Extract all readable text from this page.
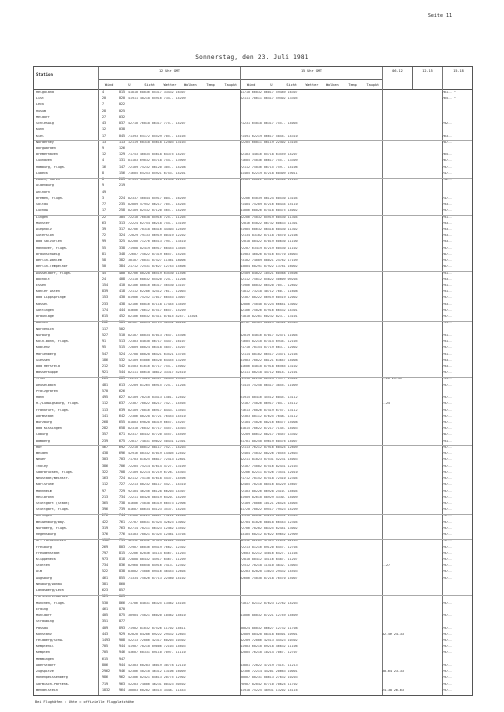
Seite 11
Sonnerstag, den 23. Juli 1981
Station
12 Uhr GMT
Wind	U	Sicht	Wetter	Wolken	Temp	Taupkt
15 Uhr GMT
Wind	U	Sicht	Wetter	Wolken	Temp	Taupkt
06-12	12-15	15-18
Helgoland	4	015 41810 68036 05317 33432 16307	41710 66032 06017 59489 16307	761-- ~
List	20	020 41911 48218 05916 734-- 14209	52111 70611 06417 59402 13305	765-- ~
Leck	7	022
Husum	28	025
Meldorf	27	032
Schleswig	43	037 42710 76018 06317 775-- 14207	71231 65018 06317 755-- 14005	792--
Kuhn	12	038
Kiel	17	045 71393 65172 05529 705-- 14105	71491 62219 06617 5854- 14310	763--
Norderney	13	113 12119 60318 05618 12403 13103	22205 60011 06119 22402 13105	787--
Borgwarden	9	126
Bremerhaven	12	129 71753 46035 05618 64375 14207	62103 44016 05718 63559 14207	765--
Cuxhaven	4	131 81103 69032 05718 754-- 13909	71605 75036 06617 755-- 13309	767--
Hamburg, Flugh.	16	147 72109 75232 06120 305-- 14208	72112 75036 06715 759-- 14106	797--
Lübeck	8	156 71605 65253 05921 6753- 14201	41405 62219 07218 60409 19011	747--
Emden, Hafen	0	203 37339 45811 05018 22430 12109	41909 60022 05320 60500 11103	792--
Oldenburg	9	219
Ahlhorn	49
Bremen, Flugh.	3	224 82337 56044 05917 004-- 16209	72206 65039 06124 60530 13104	747--
Soltau	77	235 82009 57952 06217 705-- 14205	71404 75209 07216 60434 15110	793--
Lüchow	17	258 82109 82532 07120 565-- 14209	41006 68026 07418 60475 14002	797--
Lingen	22	305 72210 76038 05916 725-- 11205	62206 75032 05919 60530 11304	791--
Münster	63	313 72224 62754 06218 754-- 13109	72016 65022 06732 60633 11301	793--
Diepholz	39	317 82706 70318 06416 44403 12409	61905 60632 06418 60430 11302	793--
Gütersloh	72	324 72029 79133 06919 00319 12202	72134 83102 07118 78570 12108	793--
Bad Salzuflen	99	325 82200 71276 06513 795-- 13410	72018 80422 07019 60630 11100	793--
Hannover, Flugh.	55	338 71908 82419 06917 66453 13405	72207 63419 07219 60530 11102	797--
Braunschweig	81	348 72607 75022 07319 6657- 15205	81903 46026 07516 65770 16003	787--
Berlin-Dahlem	58	382 30107 70031 07427 11461 18006	73102 74009 08021 24762 17109	797--
Berlin-Tempelhof	50	384 21712 72531 07627 12743 15806	43004 68291 07922 13761 16002	787--
Düsseldorf, Flugh.	45	400 62706 80228 06519 63530 11506	62509 84022 10521 60568 19406	791--
Bocholt	24	408 72110 68032 05420 724-- 11208	52112 75012 05822 50609 09204	793--
Essen	154	410 82106 80016 06317 56530 13107	71906 80032 06520 705-- 12602	791--
Kahler Asten	839	418 72112 62286 42412 761-- 12003	71812 73218 40712 760-- 11608	791--
Bad Lippspringe	153	430 81906 75252 17017 66553 13007	72307 80222 06919 60519 12002	797--
Kassel	233	438 42106 60016 07118 17445 13409	42006 75040 07224 66641 13002	793--
Göttingen	174	444 83606 70612 07517 6657- 15209	42106 75026 07916 66532 14301	797--
Braunlage	615	452 82106 60032 07411 07815 4247- 13304	71810 82201 60232 823-- 13101	797--
Aachen	202	501 82307 80014 05719 46532 08100	32707 80909 06019 40901 09303	791--
Nörvenich	117	502
Nürburg	527	510 82107 80034 07013 7647- 15306	42019 84016 07017 52471 11004	791--
Köln-Bonn, Flugh.	91	513 72303 84030 06717 5447- 16107	71605 82210 07314 6934- 12105	791--
Koblenz	95	515 72809 80024 06318 5857- 15207	71710 70154 07719 663-- 12002	797--
Marienberg	547	524 72708 80028 06421 63521 13705	72114 80102 06517 23471 12104	791--
Giessen	186	532 42109 65006 06520 64455 13209	81903 70022 08121 63647 14008	793--
Bad Hersfeld	212	542 81503 61616 07717 754-- 15002	41606 84010 07918 66565 13102	793--
Wasserkuppe	921	544 82111 80618 40812 33317 52410	82111 80218 44712 6014- 12101	797--
Trier	265	609 72211 75026 06917 56433 13303	72510 82258 06914 739-- 13601	--26 21-31	791--
Deuselbach	481	613 72209 81265 06915 724-- 11204	71415 75258 06417 3855- 11009	797--
Pfalzgrafen	570	626
Hahn	495	627 82109 70210 03413 1401- 12402	61915 80416 45512 6045- 13112	797--
H./Ludwigsburg, Flugh.	112	637 72307 70022 08217 742-- 14505	72107 75026 06917 704-- 15112	--25	797--
Frankfurt, Flugh.	113	639 82109 70016 06917 8443- 13503	71613 70026 07419 6757- 13112	797--
Darmstadt	141	642 72306 80228 07721 76453 14510	72303 80112 07625 7648- 13112	797--
Würzburg	268	655 81803 69028 08319 6657- 15207	72104 75026 08216 66477 15008	797--
Bad Kissingen	282	658 82310 76032 07717 5457- 14303	81815 70622 07217 7145- 14003	797--
Coburg	357	671 62317 80432 07720 4557- 14509	72209 80612 08217 70457 13302	787--
Bamberg	239	675 72017 74831 09022 50431 12301	61701 80250 09619 60476 14007	791--
Hof	567	692 72210 80012 08117 752-- 14203	72113 76212 07916 60424 12609	797--
Weiden	438	696 42916 80332 07019 14405 12402	72404 75032 08226 70555 12603	797--
Neuer	303	703 71703 81025 06817 72413 12801	42211 81023 07531 52231 14003	797--
Tholey	386	706 72205 75214 07614 4727- 13109	72107 75002 07516 82431 12103	797--
Saarbrücken, Flugh.	322	708 72109 82214 07219 6726- 14303	72206 82211 07526 73531 12010	797--
Neustadt/Weinstr.	163	724 82112 75130 07618 5437- 14506	71712 70152 07518 72410 12304	797--
Karlsruhe	112	727 72213 80232 08117 542-- 14310	82405 70210 08516 84229 15607	797--
Mannheim	97	729 92104 46256 06128 66203 14307	72103 80226 06928 2410- 14604	797--
Heilbronn	213	734 72211 80420 08519 6420- 14209	81909 82610 08929 4330- 14009	797--
Stuttgart (Stadt)	365	738 81606 75038 06319 66573 12906	72109 70006 10121 28524 14005	797--
Stuttgart, Flugh.	396	739 81607 80634 05123 3537- 14205	81720 70022 09517 79523 14209	797--
Öhringen	276	744 72106 85221 08017 73211 12408	72310 86042 09214 66531 13309	797--
Weißenburg/Bay.	422	761 72707 80031 07424 42623 13002	82704 81026 08018 66543 12304	797--
Nürnberg, Flugh.	319	763 62714 70211 06323 12462 13502	72706 70202 08325 62441 13002	797--
Regensburg	376	776 43103 70021 07325 12461 13704	43105 68212 07622 69652 12909	797--
Gr. Falkenstein	1307	791 42312 82032 47414 62001 54402	42312 82201 47419 11631 02103	797--
Freiburg	269	803 72907 86036 09419 7662- 12302	72213 81216 09120 6457- 12704	797--
Freudenstadt	797	815 72206 82036 45114 6467- 11203	72603 82212 45016 6427- 11104	797--
Klippeneck	973	818 72808 80432 44917 6467- 11209	72810 80412 45116 6487- 11207	797--
Stötten	734	836 82968 60058 04916 7413- 12302	72512 70218 11410 4832- 13003	--27	797--
Ulm	522	838 83002 75086 09416 46453 12604	82203 82020 13023 29432 14503	797--
Augsburg	461	855 71334 75026 07713 22460 14102	62606 75030 07218 76570 15007	797--
Neuburg/Donau	381	860
Landsberg/Lech	623	857
Fürstenfeldbruck	529	863
München, Flugh.	530	866 71706 84031 06325 13462 14105	71017 82112 07623 12762 14203	797--
Erding	461	870
Mühldorf	405	875 30904 75021 06020 10462 14610	41006 80032 07221 12749 14609	797--
Straubing	351	877
Passau	409	893 71902 81032 07526 11702 14611	30024 80032 06627 12732 11708	797--
Konstanz	443	929 62020 84286 09222 29432 12603	42009 80420 08318 60501 10901	32-5e 24-33	797--
Feldberg/Schw.	1493	908 52213 72006 42317 60203 10302	42209 72006 42513 44523 10302	797--
Kemptenil	705	944 41907 70210 09006 72103 14603	41903 60210 09218 46632 11106	797--
Kempten	705	946 43607 60331 09110 7097- 11110	42005 76210 10214 7067- 12707	797--
Memmingen	615	947
Oberstdorf	806	944 42303 60283 46019 30778 12110	43801 72022 47219 7415- 11213	797--
Zugspitze	2962	946 42306 50210 46312 13106 16009	42306 72214 44201 20663 10001	30-64 23-33	797--
Hohenpeissenberg	986	962 42306 82421 04613 20775 12902	30007 80231 08613 27632 10203	797--
Garmisch-Partenk.	719	963 52203 74006 46231 00323 50502	70907 82042 07710 70624 11702	797--
Wendelstein	1832	964 30003 60202 46515 3448- 11443	41918 75225 48931 13202 14116	24-38 26-63	797--
Bei Flughäfen : Uhte = offizielle Flugplatzhöhe
